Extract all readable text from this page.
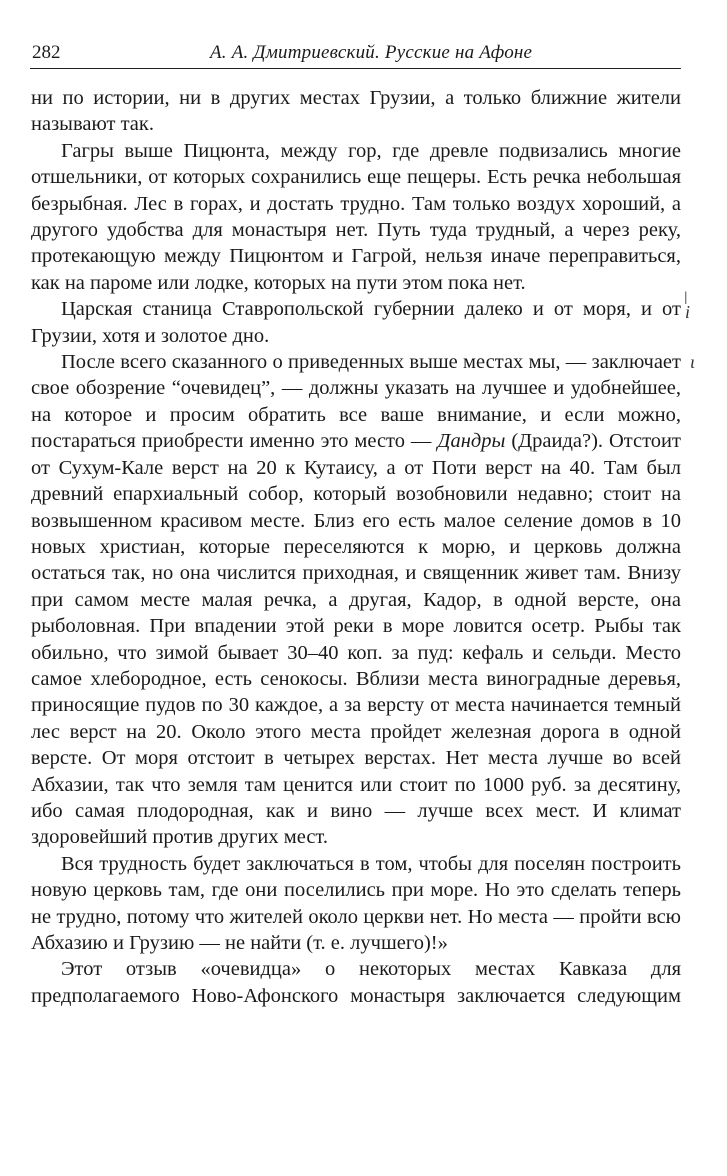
282	А. А. Дмитриевский. Русские на Афоне

ни по истории, ни в других местах Грузии, а только ближние жители называют так.

Гагры выше Пицюнта, между гор, где древле подвизались многие отшельники, от которых сохранились еще пещеры. Есть речка небольшая безрыбная. Лес в горах, и достать трудно. Там только воздух хороший, а другого удобства для монастыря нет. Путь туда трудный, а через реку, протекающую между Пицюнтом и Гагрой, нельзя иначе переправиться, как на пароме или лодке, которых на пути этом пока нет.

Царская станица Ставропольской губернии далеко и от моря, и от Грузии, хотя и золотое дно.

После всего сказанного о приведенных выше местах мы, — заключает свое обозрение “очевидец”, — должны указать на лучшее и удобнейшее, на которое и просим обратить все ваше внимание, и если можно, постараться приобрести именно это место — Дандры (Драида?). Отстоит от Сухум-Кале верст на 20 к Кутаису, а от Поти верст на 40. Там был древний епархиальный собор, который возобновили недавно; стоит на возвышенном красивом месте. Близ его есть малое селение домов в 10 новых христиан, которые переселяются к морю, и церковь должна остаться так, но она числится приходная, и священник живет там. Внизу при самом месте малая речка, а другая, Кадор, в одной версте, она рыболовная. При впадении этой реки в море ловится осетр. Рыбы так обильно, что зимой бывает 30–40 коп. за пуд: кефаль и сельди. Место самое хлебородное, есть сенокосы. Вблизи места виноградные деревья, приносящие пудов по 30 каждое, а за версту от места начинается темный лес верст на 20. Около этого места пройдет железная дорога в одной версте. От моря отстоит в четырех верстах. Нет места лучше во всей Абхазии, так что земля там ценится или стоит по 1000 руб. за десятину, ибо самая плодородная, как и вино — лучше всех мест. И климат здоровейший против других мест.

Вся трудность будет заключаться в том, чтобы для поселян построить новую церковь там, где они поселились при море. Но это сделать теперь не трудно, потому что жителей около церкви нет. Но места — пройти всю Абхазию и Грузию — не найти (т. е. лучшего)!»

Этот отзыв «очевидца» о некоторых местах Кавказа для предполагаемого Ново-Афонского монастыря заключается следующим

ǀ
i
ɩ
